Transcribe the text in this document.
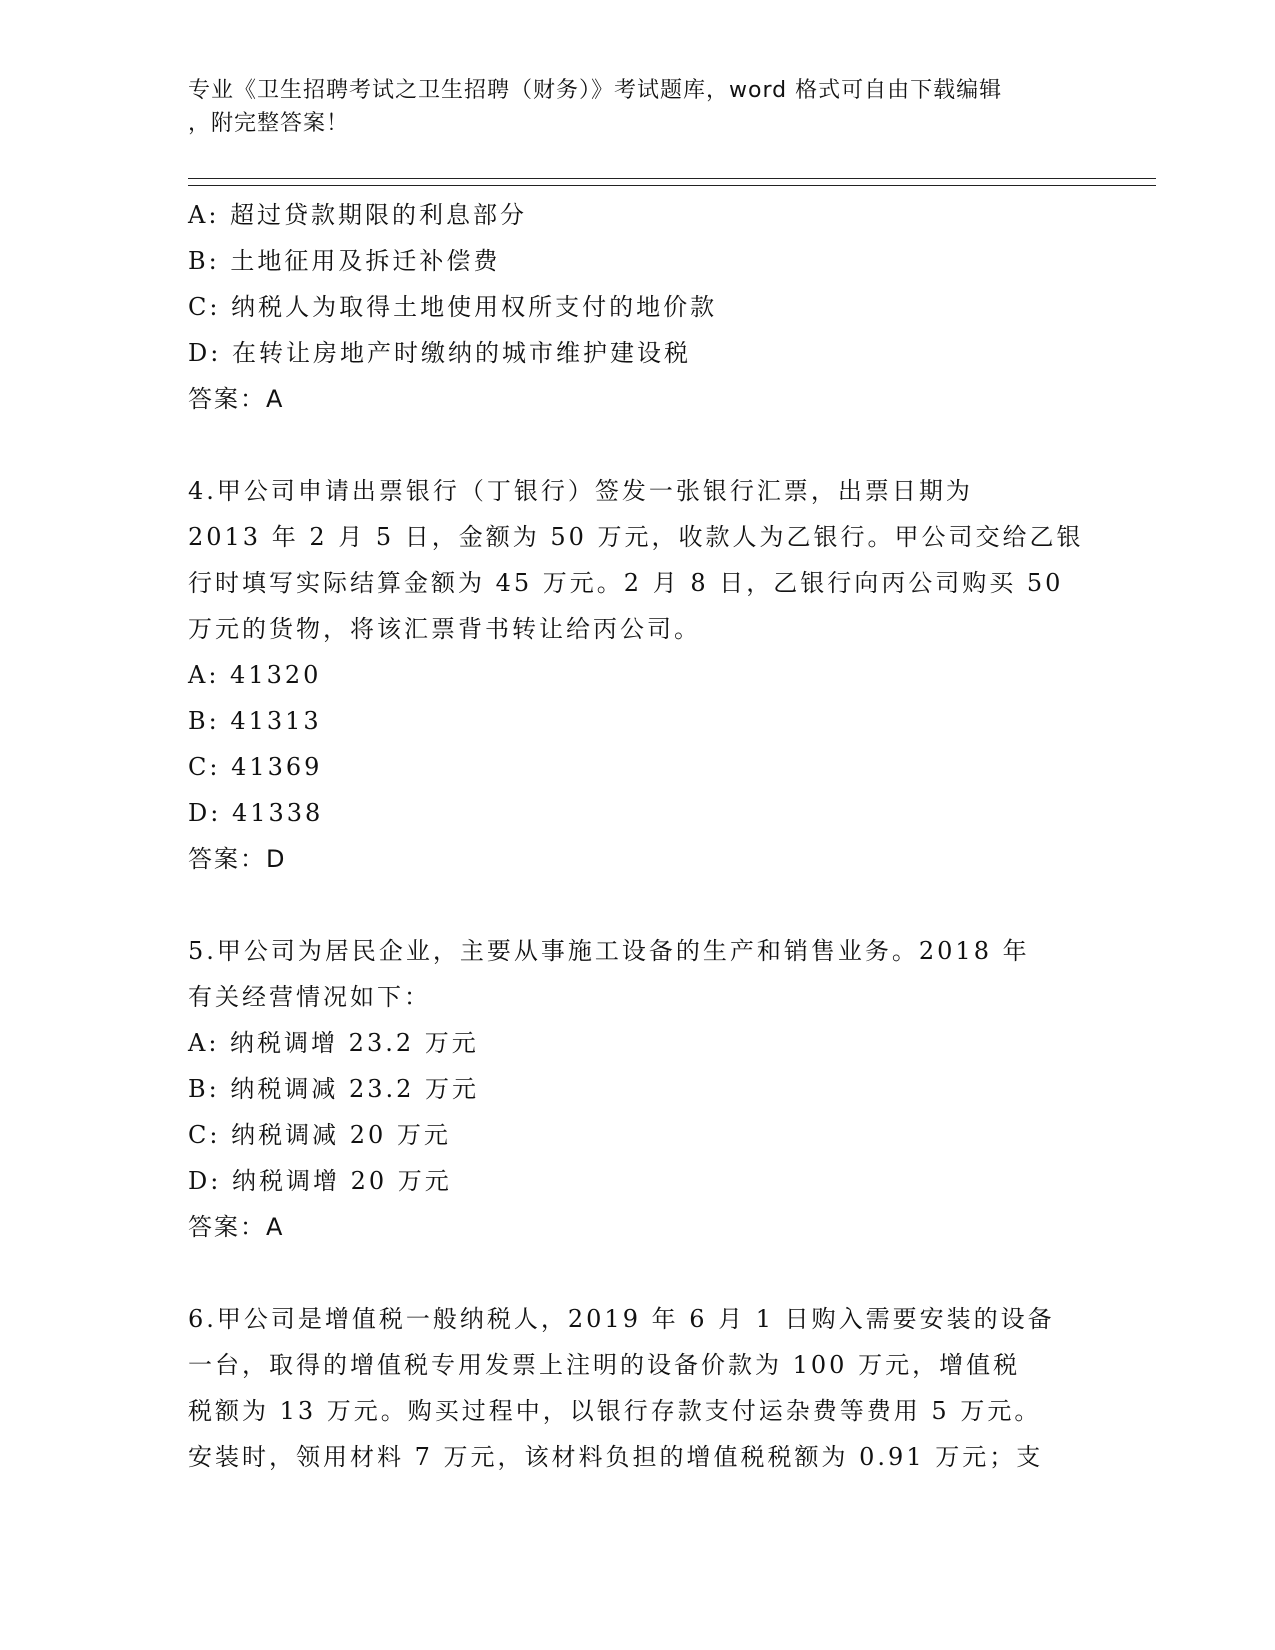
专业《卫生招聘考试之卫生招聘（财务）》考试题库，word 格式可自由下载编辑
，附完整答案！
A: 超过贷款期限的利息部分
B: 土地征用及拆迁补偿费
C: 纳税人为取得土地使用权所支付的地价款
D: 在转让房地产时缴纳的城市维护建设税
答案：A
4.甲公司申请出票银行（丁银行）签发一张银行汇票，出票日期为
2013 年 2 月 5 日，金额为 50 万元，收款人为乙银行。甲公司交给乙银
行时填写实际结算金额为 45 万元。2 月 8 日，乙银行向丙公司购买 50
万元的货物，将该汇票背书转让给丙公司。
A: 41320
B: 41313
C: 41369
D: 41338
答案：D
5.甲公司为居民企业，主要从事施工设备的生产和销售业务。2018 年
有关经营情况如下：
A: 纳税调增 23.2 万元
B: 纳税调减 23.2 万元
C: 纳税调减 20 万元
D: 纳税调增 20 万元
答案：A
6.甲公司是增值税一般纳税人，2019 年 6 月 1 日购入需要安装的设备
一台，取得的增值税专用发票上注明的设备价款为 100 万元，增值税
税额为 13 万元。购买过程中，以银行存款支付运杂费等费用 5 万元。
安装时，领用材料 7 万元，该材料负担的增值税税额为 0.91 万元；支
